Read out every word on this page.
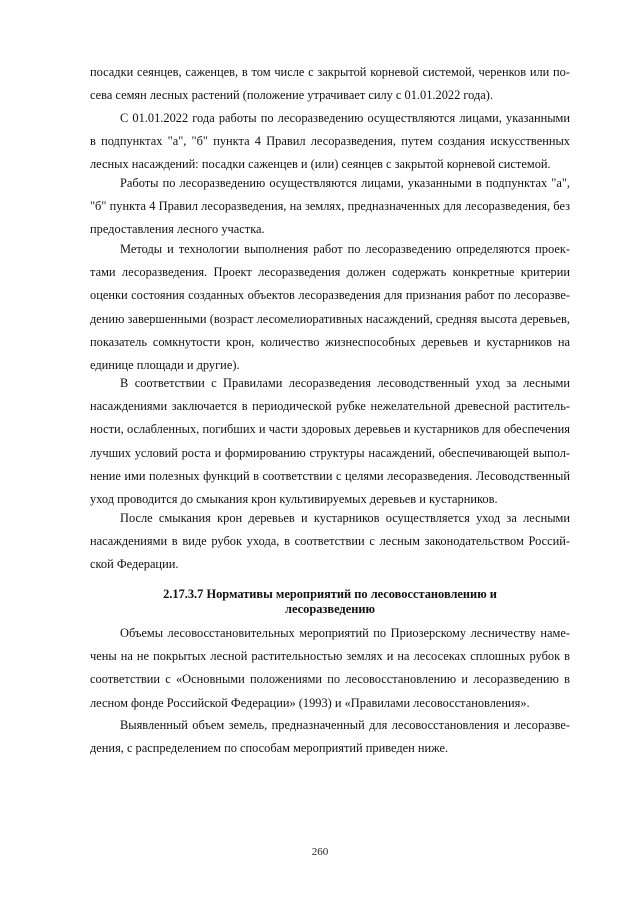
посадки сеянцев, саженцев, в том числе с закрытой корневой системой, черенков или по-
сева семян лесных растений (положение утрачивает силу с 01.01.2022 года).
С 01.01.2022 года работы по лесоразведению осуществляются лицами, указанными
в подпунктах "а", "б" пункта 4 Правил лесоразведения, путем создания искусственных
лесных насаждений: посадки саженцев и (или) сеянцев с закрытой корневой системой.
Работы по лесоразведению осуществляются лицами, указанными в подпунктах "а",
"б" пункта 4 Правил лесоразведения, на землях, предназначенных для лесоразведения, без
предоставления лесного участка.
Методы и технологии выполнения работ по лесоразведению определяются проек-
тами лесоразведения. Проект лесоразведения должен содержать конкретные критерии
оценки состояния созданных объектов лесоразведения для признания работ по лесоразве-
дению завершенными (возраст лесомелиоративных насаждений, средняя высота деревьев,
показатель сомкнутости крон, количество жизнеспособных деревьев и кустарников на
единице площади и другие).
В соответствии с Правилами лесоразведения лесоводственный уход за лесными
насаждениями заключается в периодической рубке нежелательной древесной раститель-
ности, ослабленных, погибших и части здоровых деревьев и кустарников для обеспечения
лучших условий роста и формированию структуры насаждений, обеспечивающей выпол-
нение ими полезных функций в соответствии с целями лесоразведения. Лесоводственный
уход проводится до смыкания крон культивируемых деревьев и кустарников.
После смыкания крон деревьев и кустарников осуществляется уход за лесными
насаждениями в виде рубок ухода, в соответствии с лесным законодательством Россий-
ской Федерации.
2.17.3.7 Нормативы мероприятий по лесовосстановлению и
лесоразведению
Объемы лесовосстановительных мероприятий по Приозерскому лесничеству наме-
чены на не покрытых лесной растительностью землях и на лесосеках сплошных рубок в
соответствии с «Основными положениями по лесовосстановлению и лесоразведению в
лесном фонде Российской Федерации» (1993) и «Правилами лесовосстановления».
Выявленный объем земель, предназначенный для лесовосстановления и лесоразве-
дения, с распределением по способам мероприятий приведен ниже.
260
